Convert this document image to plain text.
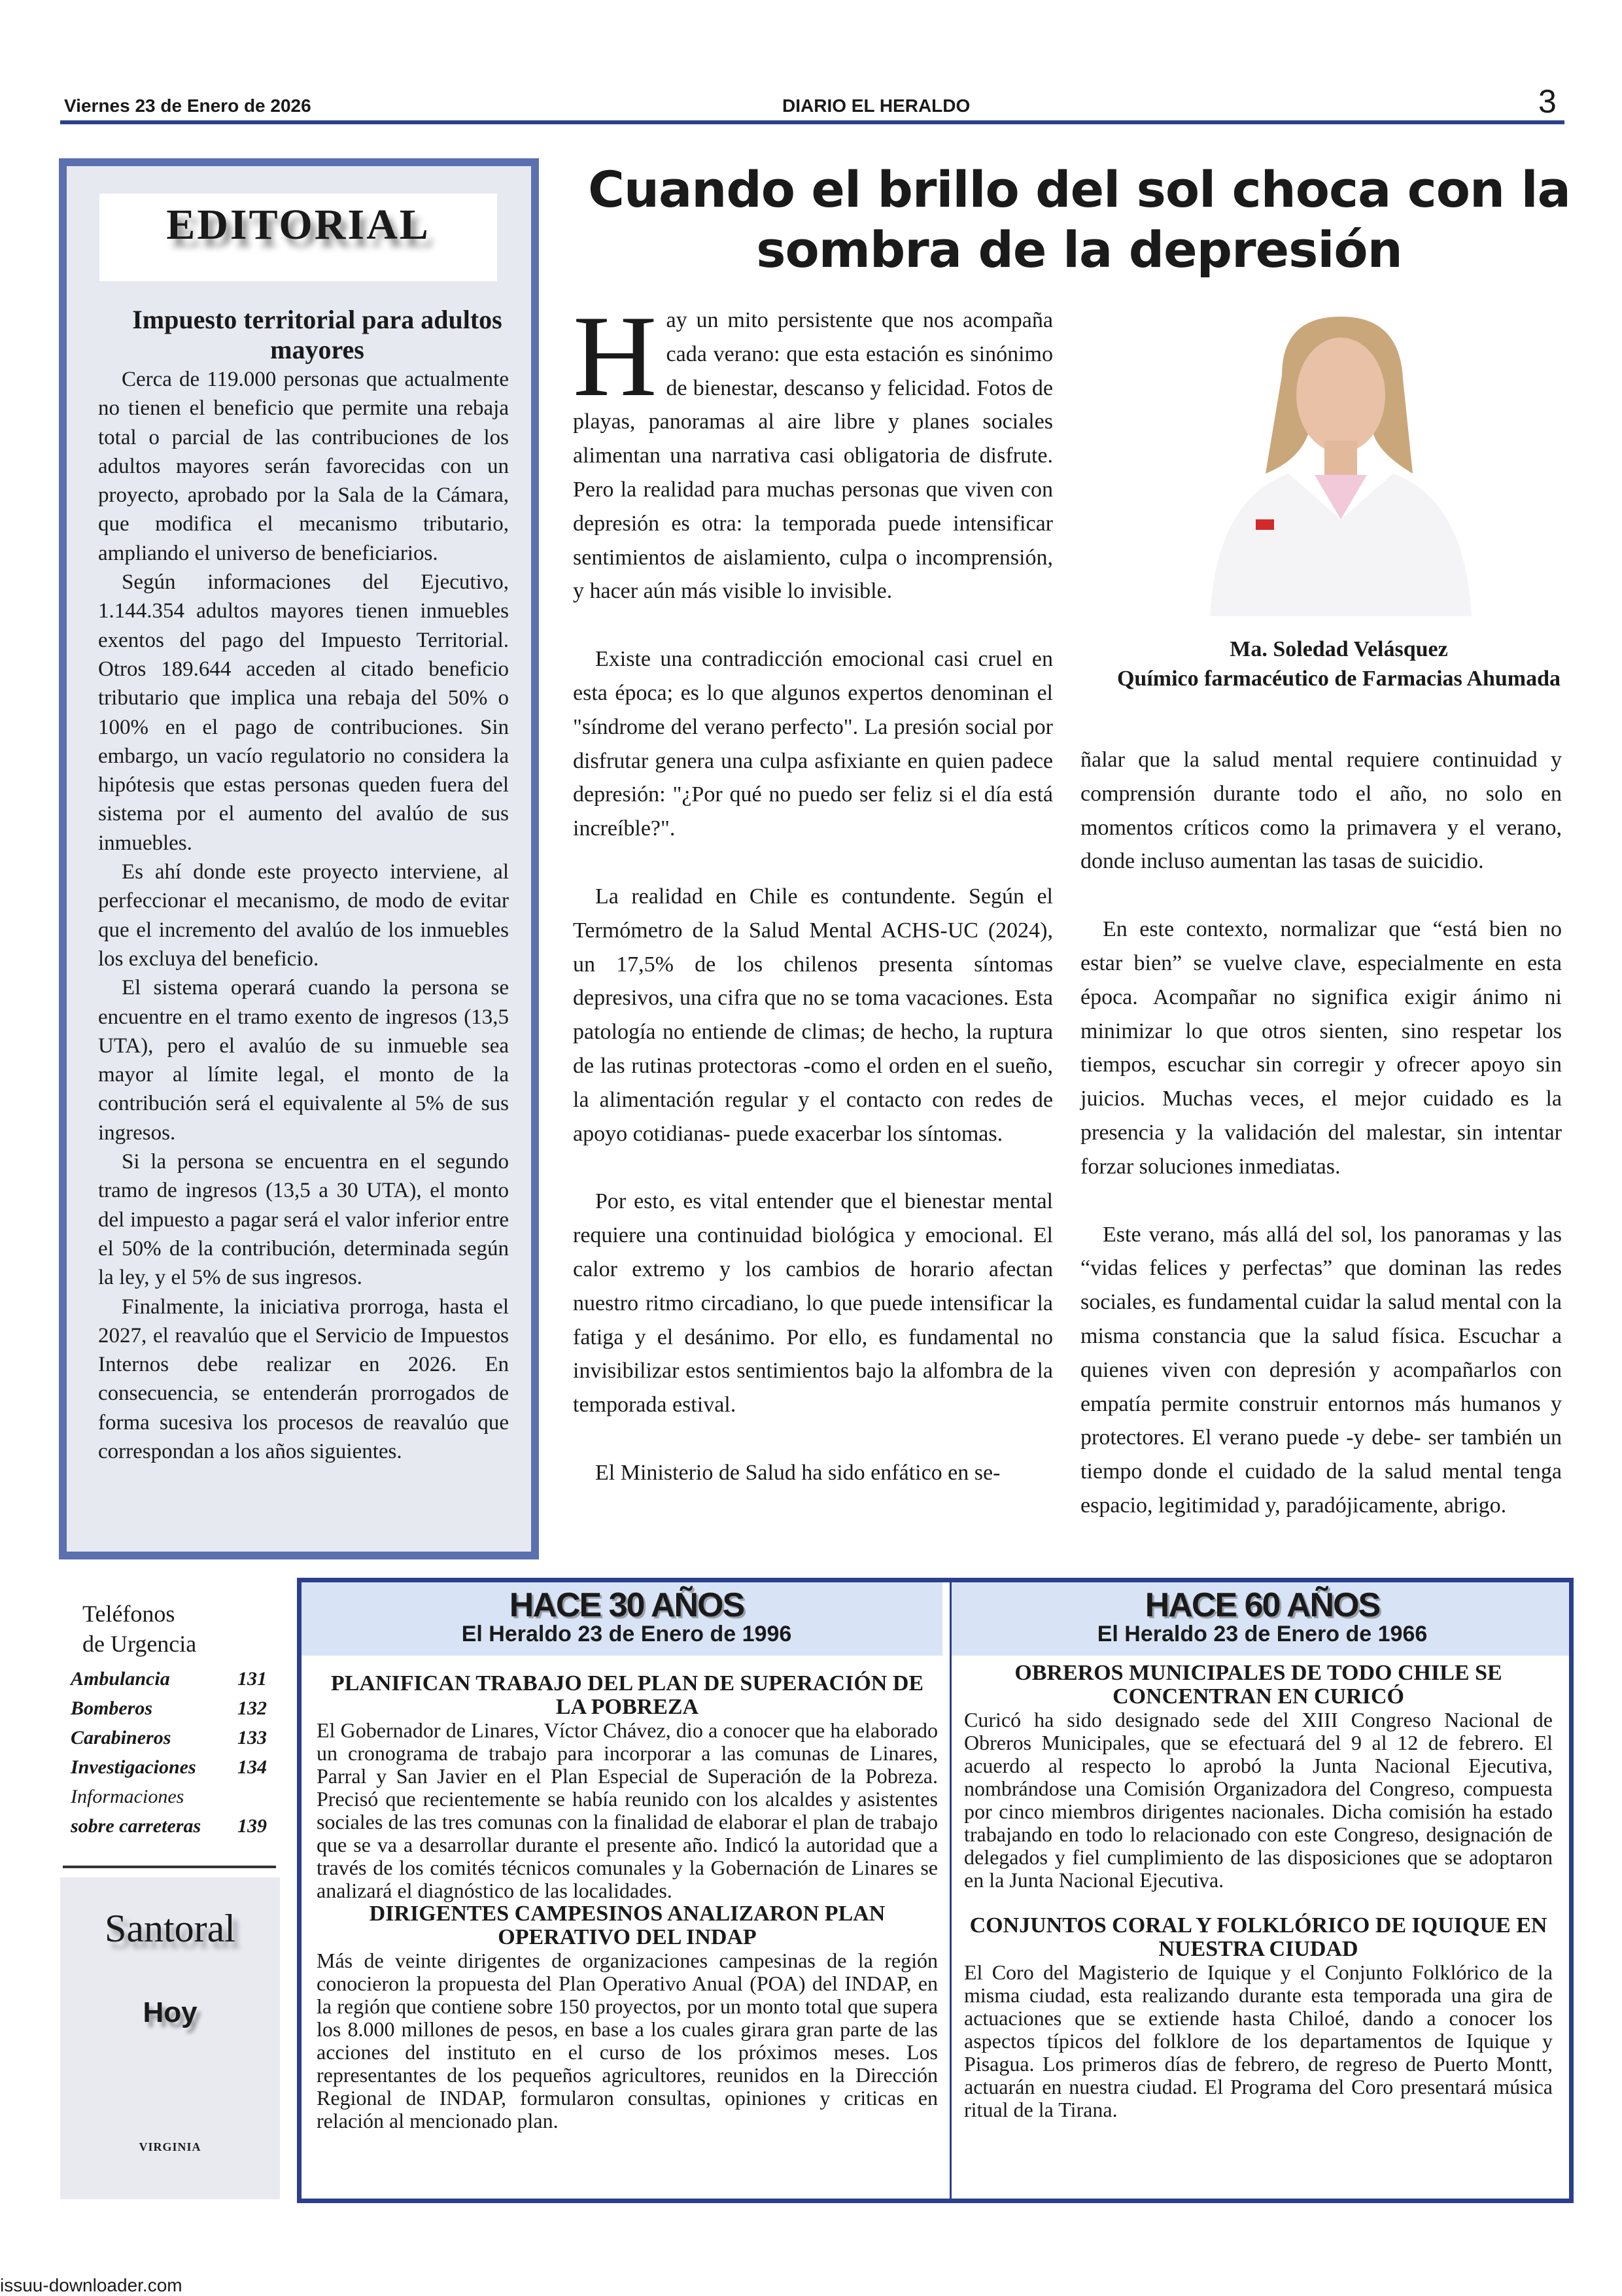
Viernes 23 de Enero de 2026	DIARIO EL HERALDO	3
EDITORIAL
Impuesto territorial para adultos mayores

Cerca de 119.000 personas que actualmente no tienen el beneficio que permite una rebaja total o parcial de las contribuciones de los adultos mayores serán favorecidas con un proyecto, aprobado por la Sala de la Cámara, que modifica el mecanismo tributario, ampliando el universo de beneficiarios.

Según informaciones del Ejecutivo, 1.144.354 adultos mayores tienen inmuebles exentos del pago del Impuesto Territorial. Otros 189.644 acceden al citado beneficio tributario que implica una rebaja del 50% o 100% en el pago de contribuciones. Sin embargo, un vacío regulatorio no considera la hipótesis que estas personas queden fuera del sistema por el aumento del avalúo de sus inmuebles.

Es ahí donde este proyecto interviene, al perfeccionar el mecanismo, de modo de evitar que el incremento del avalúo de los inmuebles los excluya del beneficio.

El sistema operará cuando la persona se encuentre en el tramo exento de ingresos (13,5 UTA), pero el avalúo de su inmueble sea mayor al límite legal, el monto de la contribución será el equivalente al 5% de sus ingresos.

Si la persona se encuentra en el segundo tramo de ingresos (13,5 a 30 UTA), el monto del impuesto a pagar será el valor inferior entre el 50% de la contribución, determinada según la ley, y el 5% de sus ingresos.

Finalmente, la iniciativa prorroga, hasta el 2027, el reavalúo que el Servicio de Impuestos Internos debe realizar en 2026. En consecuencia, se entenderán prorrogados de forma sucesiva los procesos de reavalúo que correspondan a los años siguientes.

Cuando el brillo del sol choca con la sombra de la depresión

Hay un mito persistente que nos acompaña cada verano: que esta estación es sinónimo de bienestar, descanso y felicidad. Fotos de playas, panoramas al aire libre y planes sociales alimentan una narrativa casi obligatoria de disfrute. Pero la realidad para muchas personas que viven con depresión es otra: la temporada puede intensificar sentimientos de aislamiento, culpa o incomprensión, y hacer aún más visible lo invisible.

Existe una contradicción emocional casi cruel en esta época; es lo que algunos expertos denominan el "síndrome del verano perfecto". La presión social por disfrutar genera una culpa asfixiante en quien padece depresión: "¿Por qué no puedo ser feliz si el día está increíble?".

La realidad en Chile es contundente. Según el Termómetro de la Salud Mental ACHS-UC (2024), un 17,5% de los chilenos presenta síntomas depresivos, una cifra que no se toma vacaciones. Esta patología no entiende de climas; de hecho, la ruptura de las rutinas protectoras -como el orden en el sueño, la alimentación regular y el contacto con redes de apoyo cotidianas- puede exacerbar los síntomas.

Por esto, es vital entender que el bienestar mental requiere una continuidad biológica y emocional. El calor extremo y los cambios de horario afectan nuestro ritmo circadiano, lo que puede intensificar la fatiga y el desánimo. Por ello, es fundamental no invisibilizar estos sentimientos bajo la alfombra de la temporada estival.

El Ministerio de Salud ha sido enfático en se-

Ma. Soledad Velásquez
Químico farmacéutico de Farmacias Ahumada

ñalar que la salud mental requiere continuidad y comprensión durante todo el año, no solo en momentos críticos como la primavera y el verano, donde incluso aumentan las tasas de suicidio.

En este contexto, normalizar que “está bien no estar bien” se vuelve clave, especialmente en esta época. Acompañar no significa exigir ánimo ni minimizar lo que otros sienten, sino respetar los tiempos, escuchar sin corregir y ofrecer apoyo sin juicios. Muchas veces, el mejor cuidado es la presencia y la validación del malestar, sin intentar forzar soluciones inmediatas.

Este verano, más allá del sol, los panoramas y las “vidas felices y perfectas” que dominan las redes sociales, es fundamental cuidar la salud mental con la misma constancia que la salud física. Escuchar a quienes viven con depresión y acompañarlos con empatía permite construir entornos más humanos y protectores. El verano puede -y debe- ser también un tiempo donde el cuidado de la salud mental tenga espacio, legitimidad y, paradójicamente, abrigo.

Teléfonos
de Urgencia
Ambulancia	131
Bomberos	132
Carabineros	133
Investigaciones 134
Informaciones
sobre carreteras 139
Santoral
Hoy
VIRGINIA
HACE 30 AÑOS
El Heraldo 23 de Enero de 1996
HACE 60 AÑOS
El Heraldo 23 de Enero de 1966
PLANIFICAN TRABAJO DEL PLAN DE SUPERACIÓN DE LA POBREZA

El Gobernador de Linares, Víctor Chávez, dio a conocer que ha elaborado un cronograma de trabajo para incorporar a las comunas de Linares, Parral y San Javier en el Plan Especial de Superación de la Pobreza. Precisó que recientemente se había reunido con los alcaldes y asistentes sociales de las tres comunas con la finalidad de elaborar el plan de trabajo que se va a desarrollar durante el presente año. Indicó la autoridad que a través de los comités técnicos comunales y la Gobernación de Linares se analizará el diagnóstico de las localidades.

DIRIGENTES CAMPESINOS ANALIZARON PLAN OPERATIVO DEL INDAP

Más de veinte dirigentes de organizaciones campesinas de la región conocieron la propuesta del Plan Operativo Anual (POA) del INDAP, en la región que contiene sobre 150 proyectos, por un monto total que supera los 8.000 millones de pesos, en base a los cuales girara gran parte de las acciones del instituto en el curso de los próximos meses. Los representantes de los pequeños agricultores, reunidos en la Dirección Regional de INDAP, formularon consultas, opiniones y criticas en relación al mencionado plan.

OBREROS MUNICIPALES DE TODO CHILE SE CONCENTRAN EN CURICÓ

Curicó ha sido designado sede del XIII Congreso Nacional de Obreros Municipales, que se efectuará del 9 al 12 de febrero. El acuerdo al respecto lo aprobó la Junta Nacional Ejecutiva, nombrándose una Comisión Organizadora del Congreso, compuesta por cinco miembros dirigentes nacionales. Dicha comisión ha estado trabajando en todo lo relacionado con este Congreso, designación de delegados y fiel cumplimiento de las disposiciones que se adoptaron en la Junta Nacional Ejecutiva.

CONJUNTOS CORAL Y FOLKLÓRICO DE IQUIQUE EN NUESTRA CIUDAD

El Coro del Magisterio de Iquique y el Conjunto Folklórico de la misma ciudad, esta realizando durante esta temporada una gira de actuaciones que se extiende hasta Chiloé, dando a conocer los aspectos típicos del folklore de los departamentos de Iquique y Pisagua. Los primeros días de febrero, de regreso de Puerto Montt, actuarán en nuestra ciudad. El Programa del Coro presentará música ritual de la Tirana.

issuu-downloader.com
